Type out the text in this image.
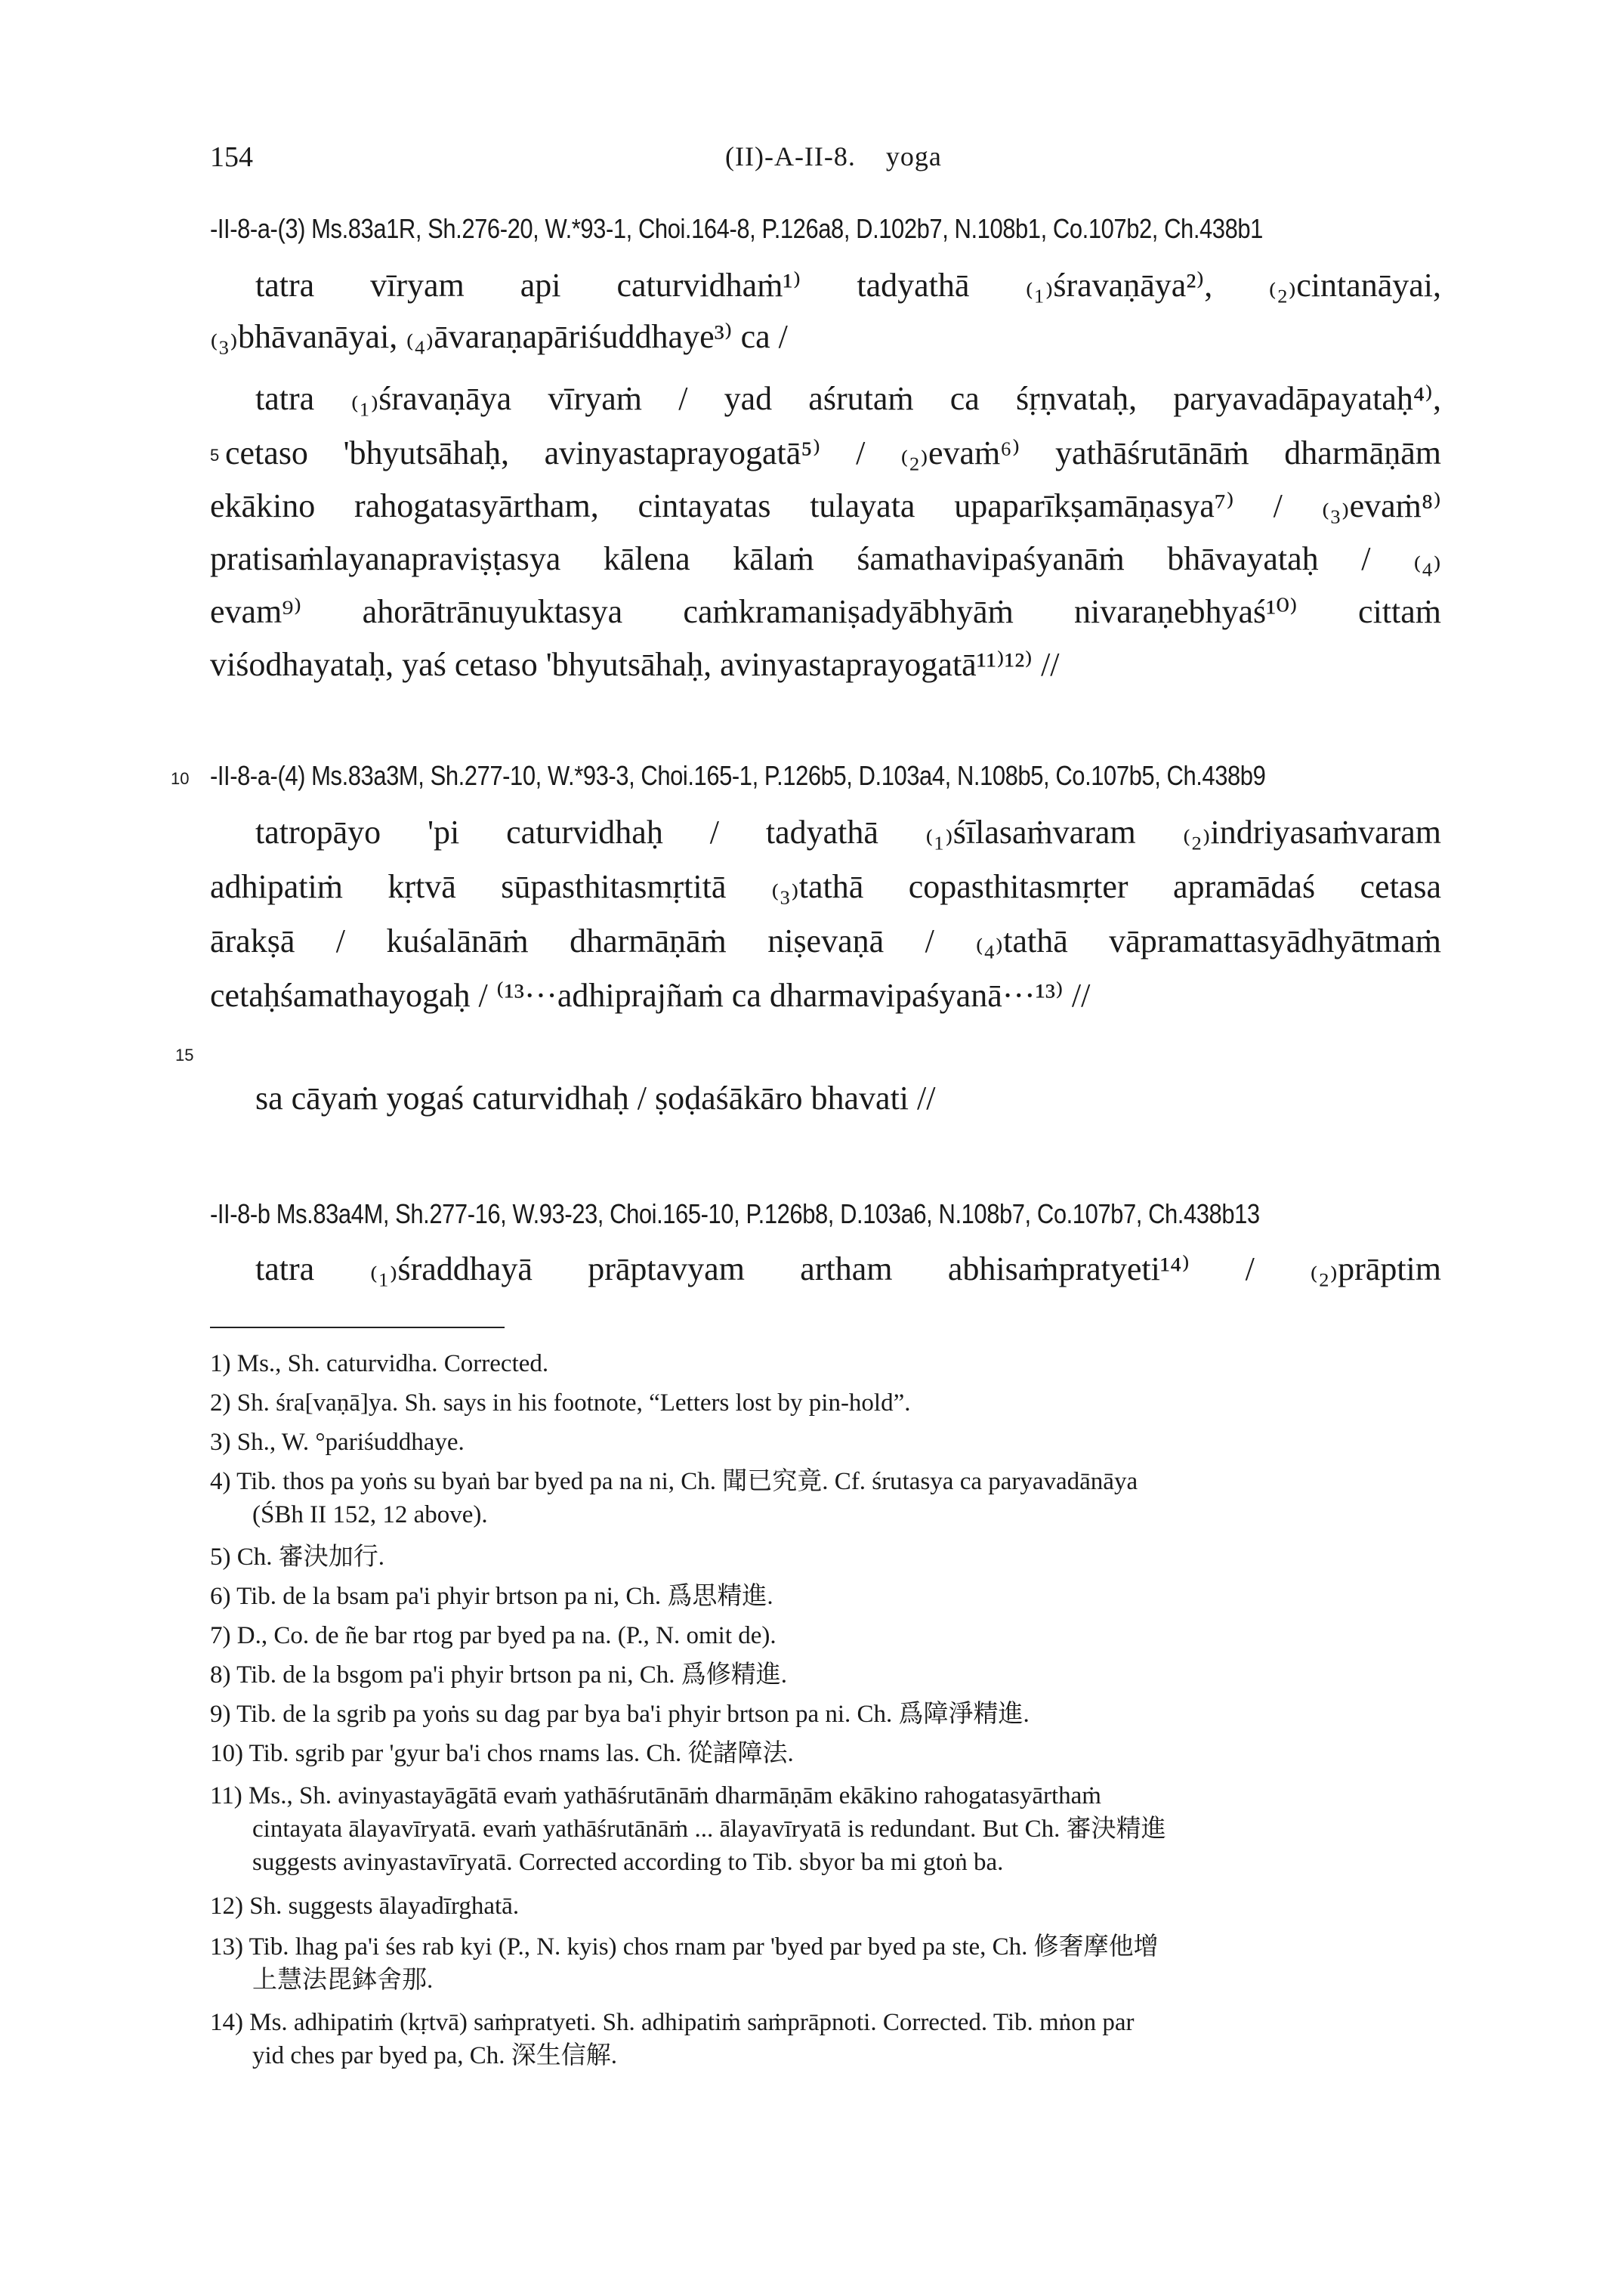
154	(II)-A-II-8.    yoga
-II-8-a-(3) Ms.83a1R, Sh.276-20, W.*93-1, Choi.164-8, P.126a8, D.102b7, N.108b1, Co.107b2, Ch.438b1
tatra vīryam api caturvidhaṁ¹⁾ tadyathā ₍₁₎śravaṇāya²⁾, ₍₂₎cintanāyai,
₍₃₎bhāvanāyai, ₍₄₎āvaraṇapāriśuddhaye³⁾ ca /
tatra ₍₁₎śravaṇāya vīryaṁ / yad aśrutaṁ ca śṛṇvataḥ, paryavadāpayataḥ⁴⁾,
5 cetaso 'bhyutsāhaḥ, avinyastaprayogatā⁵⁾ / ₍₂₎evaṁ⁶⁾ yathāśrutānāṁ dharmāṇām
ekākino rahogatasyārtham, cintayatas tulayata upaparīkṣamāṇasya⁷⁾ / ₍₃₎evaṁ⁸⁾
pratisaṁlayanapraviṣṭasya kālena kālaṁ śamathavipaśyanāṁ bhāvayataḥ / ₍₄₎
evam⁹⁾ ahorātrānuyuktasya caṁkramaniṣadyābhyāṁ nivaraṇebhyaś¹⁰⁾ cittaṁ
viśodhayataḥ, yaś cetaso 'bhyutsāhaḥ, avinyastaprayogatā¹¹⁾¹²⁾ //
10 -II-8-a-(4) Ms.83a3M, Sh.277-10, W.*93-3, Choi.165-1, P.126b5, D.103a4, N.108b5, Co.107b5, Ch.438b9
tatropāyo 'pi caturvidhaḥ / tadyathā ₍₁₎śīlasaṁvaram ₍₂₎indriyasaṁvaram
adhipatiṁ kṛtvā sūpasthitasmṛtitā ₍₃₎tathā copasthitasmṛter apramādaś cetasa
ārakṣā / kuśalānāṁ dharmāṇāṁ niṣevaṇā / ₍₄₎tathā vāpramattasyādhyātmaṁ
cetaḥśamathayogaḥ / ⁽¹³···adhiprajñaṁ ca dharmavipaśyanā···¹³⁾ //
15
sa cāyaṁ yogaś caturvidhaḥ / ṣoḍaśākāro bhavati //
-II-8-b Ms.83a4M, Sh.277-16, W.93-23, Choi.165-10, P.126b8, D.103a6, N.108b7, Co.107b7, Ch.438b13
tatra ₍₁₎śraddhayā prāptavyam artham abhisaṁpratyeti¹⁴⁾ / ₍₂₎prāptim
1) Ms., Sh. caturvidha. Corrected.
2) Sh. śra[vaṇā]ya. Sh. says in his footnote, “Letters lost by pin-hold”.
3) Sh., W. °pariśuddhaye.
4) Tib. thos pa yoṅs su byaṅ bar byed pa na ni, Ch. 聞已究竟. Cf. śrutasya ca paryavadānāya
(ŚBh II 152, 12 above).
5) Ch. 審決加行.
6) Tib. de la bsam pa'i phyir brtson pa ni, Ch. 爲思精進.
7) D., Co. de ñe bar rtog par byed pa na. (P., N. omit de).
8) Tib. de la bsgom pa'i phyir brtson pa ni, Ch. 爲修精進.
9) Tib. de la sgrib pa yoṅs su dag par bya ba'i phyir brtson pa ni. Ch. 爲障淨精進.
10) Tib. sgrib par 'gyur ba'i chos rnams las. Ch. 從諸障法.
11) Ms., Sh. avinyastayāgātā evaṁ yathāśrutānāṁ dharmāṇām ekākino rahogatasyārthaṁ
cintayata ālayavīryatā. evaṁ yathāśrutānāṁ ... ālayavīryatā is redundant. But Ch. 審決精進
suggests avinyastavīryatā. Corrected according to Tib. sbyor ba mi gtoṅ ba.
12) Sh. suggests ālayadīrghatā.
13) Tib. lhag pa'i śes rab kyi (P., N. kyis) chos rnam par 'byed par byed pa ste, Ch. 修奢摩他增
上慧法毘鉢舍那.
14) Ms. adhipatiṁ (kṛtvā) saṁpratyeti. Sh. adhipatiṁ saṁprāpnoti. Corrected. Tib. mṅon par
yid ches par byed pa, Ch. 深生信解.
